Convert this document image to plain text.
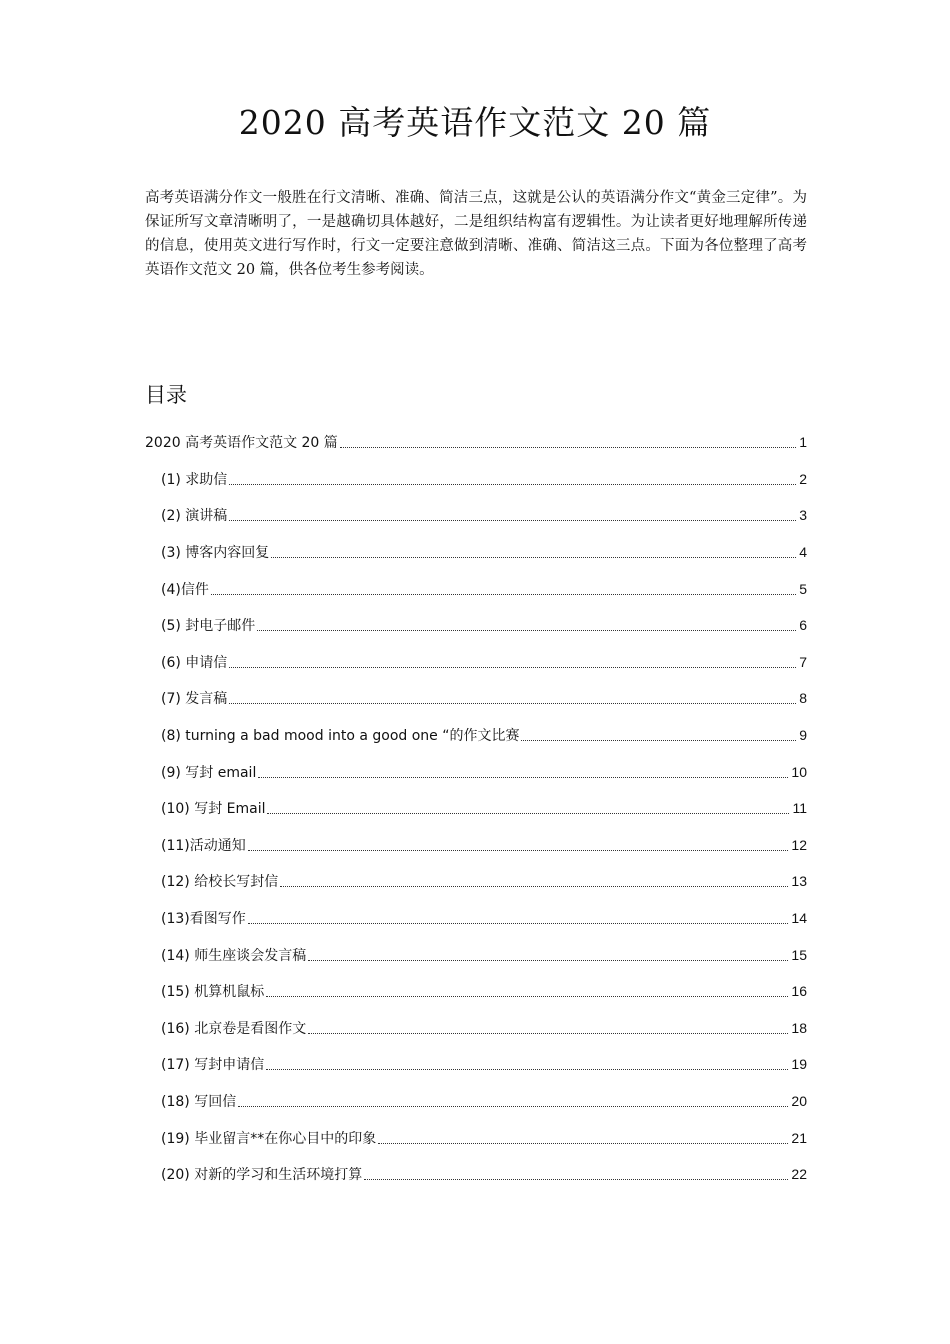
2020 高考英语作文范文 20 篇

高考英语满分作文一般胜在行文清晰、准确、简洁三点，这就是公认的英语满分作文“黄金三定律”。为保证所写文章清晰明了，一是越确切具体越好，二是组织结构富有逻辑性。为让读者更好地理解所传递的信息，使用英文进行写作时，行文一定要注意做到清晰、准确、简洁这三点。下面为各位整理了高考英语作文范文 20 篇，供各位考生参考阅读。

目录
2020 高考英语作文范文 20 篇	1
(1) 求助信	2
(2) 演讲稿	3
(3) 博客内容回复	4
(4)信件	5
(5) 封电子邮件	6
(6) 申请信	7
(7) 发言稿	8
(8) turning a bad mood into a good one “的作文比赛	9
(9) 写封 email	10
(10) 写封 Email	11
(11)活动通知	12
(12) 给校长写封信	13
(13)看图写作	14
(14) 师生座谈会发言稿	15
(15) 机算机鼠标	16
(16) 北京卷是看图作文	18
(17) 写封申请信	19
(18) 写回信	20
(19) 毕业留言**在你心目中的印象	21
(20) 对新的学习和生活环境打算	22
